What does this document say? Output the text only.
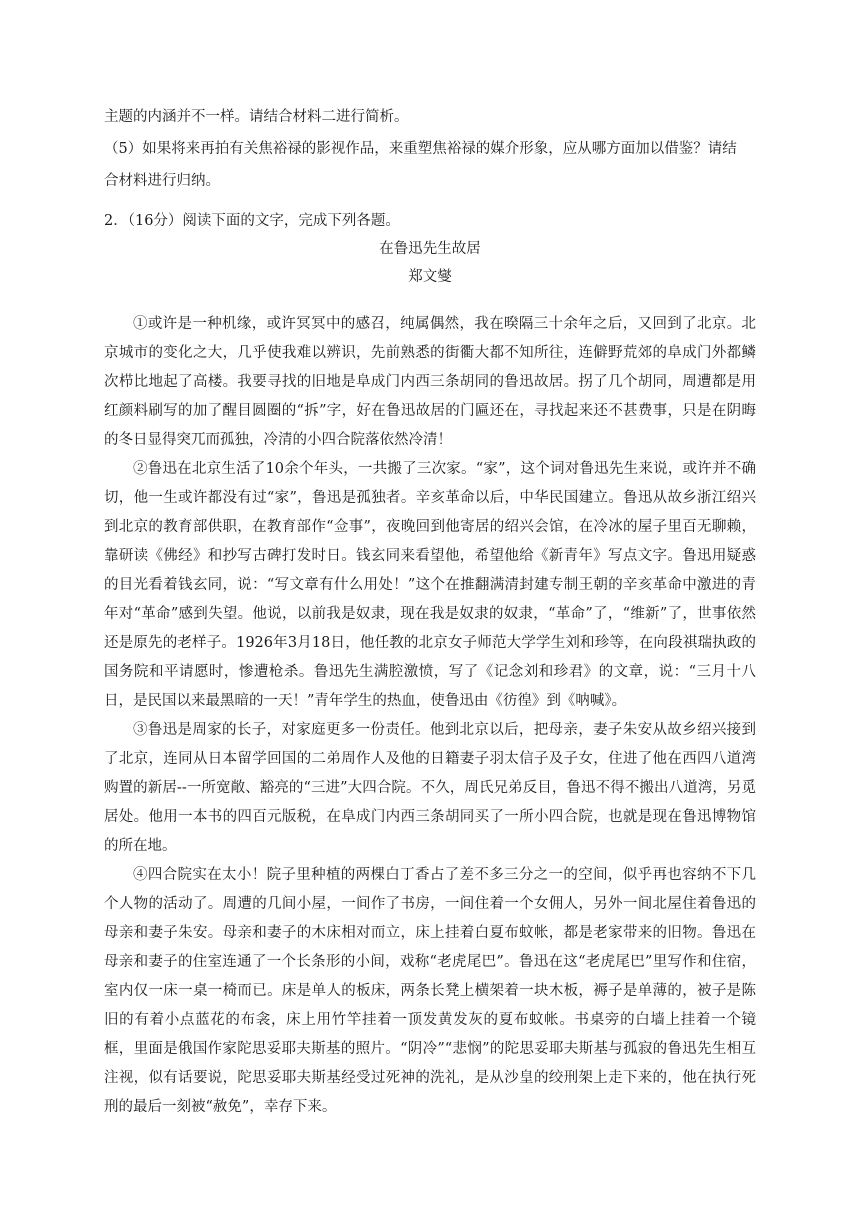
主题的内涵并不一样。请结合材料二进行简析。

（5）如果将来再拍有关焦裕禄的影视作品，来重塑焦裕禄的媒介形象，应从哪方面加以借鉴？请结

合材料进行归纳。

2．（16分）阅读下面的文字，完成下列各题。

在鲁迅先生故居

郑文燮

①或许是一种机缘，或许冥冥中的感召，纯属偶然，我在暌隔三十余年之后，又回到了北京。北京城市的变化之大，几乎使我难以辨识，先前熟悉的街衢大都不知所往，连僻野荒郊的阜成门外都鳞次栉比地起了高楼。我要寻找的旧地是阜成门内西三条胡同的鲁迅故居。拐了几个胡同，周遭都是用红颜料刷写的加了醒目圆圈的“拆”字，好在鲁迅故居的门匾还在，寻找起来还不甚费事，只是在阴晦的冬日显得突兀而孤独，冷清的小四合院落依然冷清！

②鲁迅在北京生活了10余个年头，一共搬了三次家。“家”，这个词对鲁迅先生来说，或许并不确切，他一生或许都没有过“家”，鲁迅是孤独者。辛亥革命以后，中华民国建立。鲁迅从故乡浙江绍兴到北京的教育部供职，在教育部作“佥事”，夜晚回到他寄居的绍兴会馆，在冷冰的屋子里百无聊赖，靠研读《佛经》和抄写古碑打发时日。钱玄同来看望他，希望他给《新青年》写点文字。鲁迅用疑惑的目光看着钱玄同，说：“写文章有什么用处！”这个在推翻满清封建专制王朝的辛亥革命中激进的青年对“革命”感到失望。他说，以前我是奴隶，现在我是奴隶的奴隶，“革命”了，“维新”了，世事依然还是原先的老样子。1926年3月18日，他任教的北京女子师范大学学生刘和珍等，在向段祺瑞执政的国务院和平请愿时，惨遭枪杀。鲁迅先生满腔激愤，写了《记念刘和珍君》的文章，说：“三月十八日，是民国以来最黑暗的一天！”青年学生的热血，使鲁迅由《彷徨》到《呐喊》。

③鲁迅是周家的长子，对家庭更多一份责任。他到北京以后，把母亲，妻子朱安从故乡绍兴接到了北京，连同从日本留学回国的二弟周作人及他的日籍妻子羽太信子及子女，住进了他在西四八道湾购置的新居--一所宽敞、豁亮的“三进”大四合院。不久，周氏兄弟反目，鲁迅不得不搬出八道湾，另觅居处。他用一本书的四百元版税，在阜成门内西三条胡同买了一所小四合院，也就是现在鲁迅博物馆的所在地。

④四合院实在太小！院子里种植的两棵白丁香占了差不多三分之一的空间，似乎再也容纳不下几个人物的活动了。周遭的几间小屋，一间作了书房，一间住着一个女佣人，另外一间北屋住着鲁迅的母亲和妻子朱安。母亲和妻子的木床相对而立，床上挂着白夏布蚊帐，都是老家带来的旧物。鲁迅在母亲和妻子的住室连通了一个长条形的小间，戏称“老虎尾巴”。鲁迅在这“老虎尾巴”里写作和住宿，室内仅一床一桌一椅而已。床是单人的板床，两条长凳上横架着一块木板，褥子是单薄的，被子是陈旧的有着小点蓝花的布衾，床上用竹竿挂着一顶发黄发灰的夏布蚊帐。书桌旁的白墙上挂着一个镜框，里面是俄国作家陀思妥耶夫斯基的照片。“阴冷”“悲悯”的陀思妥耶夫斯基与孤寂的鲁迅先生相互注视，似有话要说，陀思妥耶夫斯基经受过死神的洗礼，是从沙皇的绞刑架上走下来的，他在执行死刑的最后一刻被“赦免”，幸存下来。
